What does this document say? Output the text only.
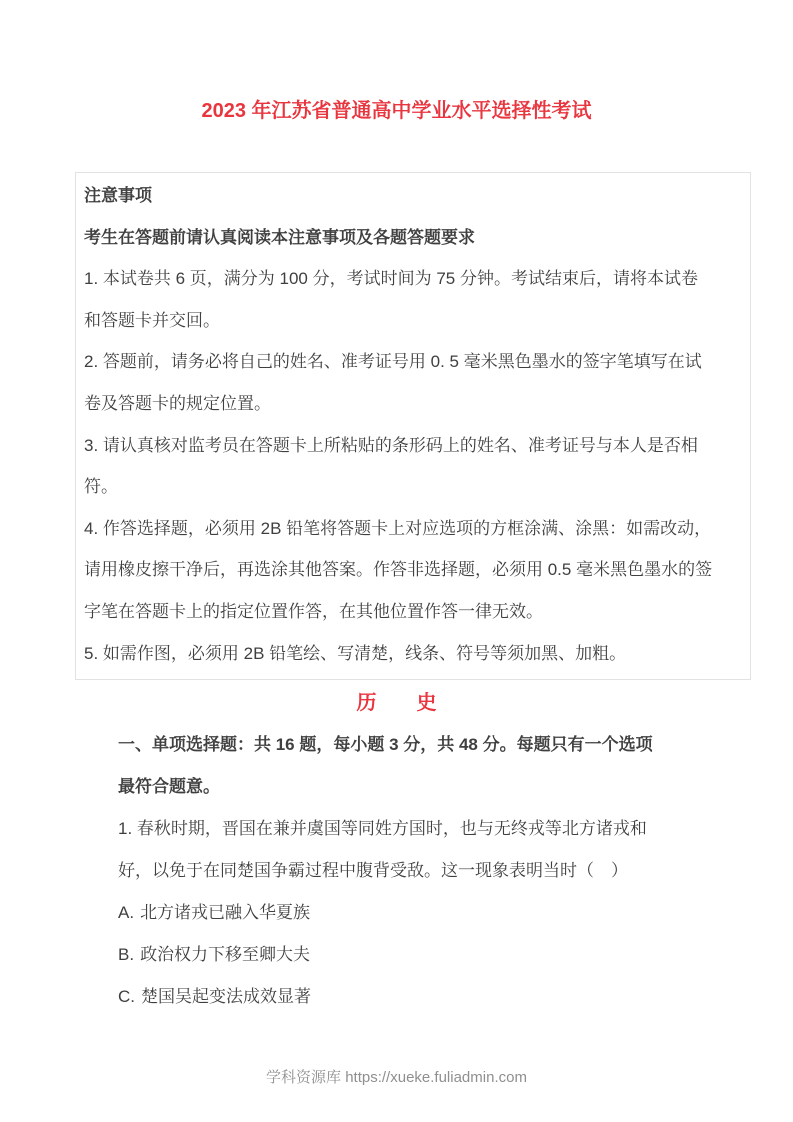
2023 年江苏省普通高中学业水平选择性考试
注意事项
考生在答题前请认真阅读本注意事项及各题答题要求
1. 本试卷共 6 页，满分为 100 分，考试时间为 75 分钟。考试结束后，请将本试卷
和答题卡并交回。
2. 答题前，请务必将自己的姓名、准考证号用 0. 5 毫米黑色墨水的签字笔填写在试
卷及答题卡的规定位置。
3. 请认真核对监考员在答题卡上所粘贴的条形码上的姓名、准考证号与本人是否相
符。
4. 作答选择题，必须用 2B 铅笔将答题卡上对应选项的方框涂满、涂黑：如需改动，
请用橡皮擦干净后，再选涂其他答案。作答非选择题，必须用 0.5 毫米黑色墨水的签
字笔在答题卡上的指定位置作答，在其他位置作答一律无效。
5. 如需作图，必须用 2B 铅笔绘、写清楚，线条、符号等须加黑、加粗。
历　　史
一、单项选择题：共 16 题，每小题 3 分，共 48 分。每题只有一个选项
最符合题意。
1. 春秋时期，晋国在兼并虞国等同姓方国时，也与无终戎等北方诸戎和
好，以免于在同楚国争霸过程中腹背受敌。这一现象表明当时（　）
A. 北方诸戎已融入华夏族
B. 政治权力下移至卿大夫
C. 楚国吴起变法成效显著
学科资源库 https://xueke.fuliadmin.com
